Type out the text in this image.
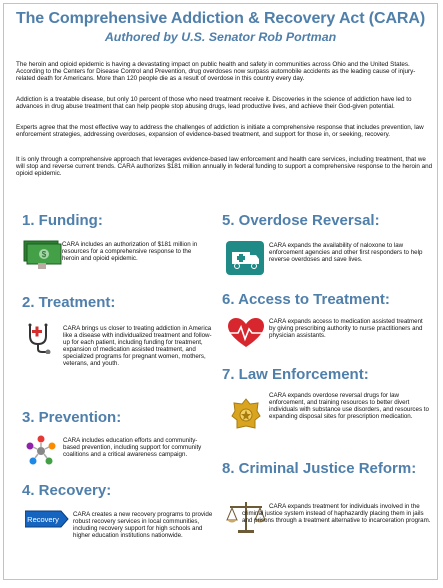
The Comprehensive Addiction & Recovery Act (CARA)
Authored by U.S. Senator Rob Portman
The heroin and opioid epidemic is having a devastating impact on public health and safety in communities across Ohio and the United States. According to the Centers for Disease Control and Prevention, drug overdoses now surpass automobile accidents as the leading cause of injury-related death for Americans. More than 120 people die as a result of overdose in this country every day.
Addiction is a treatable disease, but only 10 percent of those who need treatment receive it. Discoveries in the science of addiction have led to advances in drug abuse treatment that can help people stop abusing drugs, lead productive lives, and achieve their God-given potential.
Experts agree that the most effective way to address the challenges of addiction is initiate a comprehensive response that includes prevention, law enforcement strategies, addressing overdoses, expansion of evidence-based treatment, and support for those in, or seeking, recovery.
It is only through a comprehensive approach that leverages evidence-based law enforcement and health care services, including treatment, that we will stop and reverse current trends. CARA authorizes $181 million annually in federal funding to support a comprehensive response to the heroin and opioid epidemic.
1. Funding:
$
CARA includes an authorization of $181 million in resources for a comprehensive response to the heroin and opioid epidemic.
2. Treatment:
CARA brings us closer to treating addiction in America like a disease with individualized treatment and follow-up for each patient, including funding for treatment, expansion of medication assisted treatment, and specialized programs for pregnant women, mothers, veterans, and youth.
3. Prevention:
CARA includes education efforts and community-based prevention, including support for community coalitions and a critical awareness campaign.
4. Recovery:
Recovery
CARA creates a new recovery programs to provide robust recovery services in local communities, including recovery support for high schools and higher education institutions nationwide.
5. Overdose Reversal:
CARA expands the availability of naloxone to law enforcement agencies and other first responders to help reverse overdoses and save lives.
6. Access to Treatment:
CARA expands access to medication assisted treatment by giving prescribing authority to nurse practitioners and physician assistants.
7. Law Enforcement:
CARA expands overdose reversal drugs for law enforcement, and training resources to better divert individuals with substance use disorders, and resources to expanding disposal sites for prescription medication.
8. Criminal Justice Reform:
CARA expands treatment for individuals involved in the criminal justice system instead of haphazardly placing them in jails and prisons through a treatment alternative to incarceration program.
